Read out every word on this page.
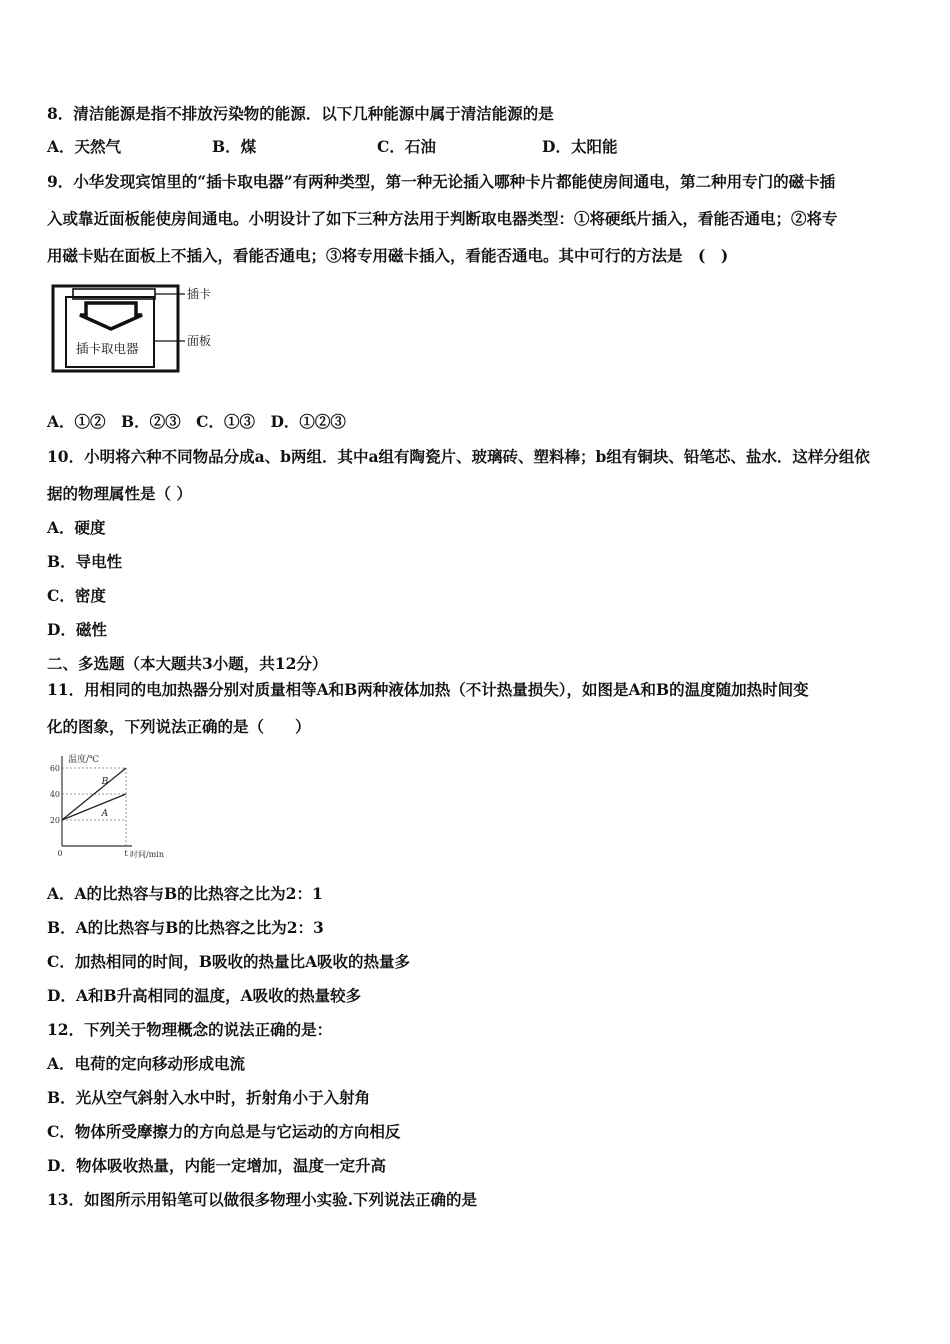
8．清洁能源是指不排放污染物的能源．以下几种能源中属于清洁能源的是
A．天然气	B．煤	C．石油	D．太阳能
9．小华发现宾馆里的“插卡取电器”有两种类型，第一种无论插入哪种卡片都能使房间通电，第二种用专门的磁卡插
入或靠近面板能使房间通电。小明设计了如下三种方法用于判断取电器类型：①将硬纸片插入，看能否通电；②将专
用磁卡贴在面板上不插入，看能否通电；③将专用磁卡插入，看能否通电。其中可行的方法是　(　)
插卡取电器
插卡
面板
A．①②　B．②③　C．①③　D．①②③
10．小明将六种不同物品分成a、b两组．其中a组有陶瓷片、玻璃砖、塑料棒；b组有铜块、铅笔芯、盐水．这样分组依
据的物理属性是（ ）
A．硬度
B．导电性
C．密度
D．磁性
二、多选题（本大题共3小题，共12分）
11．用相同的电加热器分别对质量相等A和B两种液体加热（不计热量损失），如图是A和B的温度随加热时间变
化的图象，下列说法正确的是（　　）
温度/℃
时间/min
20
40
60
0	t
B
A
A．A的比热容与B的比热容之比为2：1
B．A的比热容与B的比热容之比为2：3
C．加热相同的时间，B吸收的热量比A吸收的热量多
D．A和B升高相同的温度，A吸收的热量较多
12．下列关于物理概念的说法正确的是：
A．电荷的定向移动形成电流
B．光从空气斜射入水中时，折射角小于入射角
C．物体所受摩擦力的方向总是与它运动的方向相反
D．物体吸收热量，内能一定增加，温度一定升高
13．如图所示用铅笔可以做很多物理小实验.下列说法正确的是
